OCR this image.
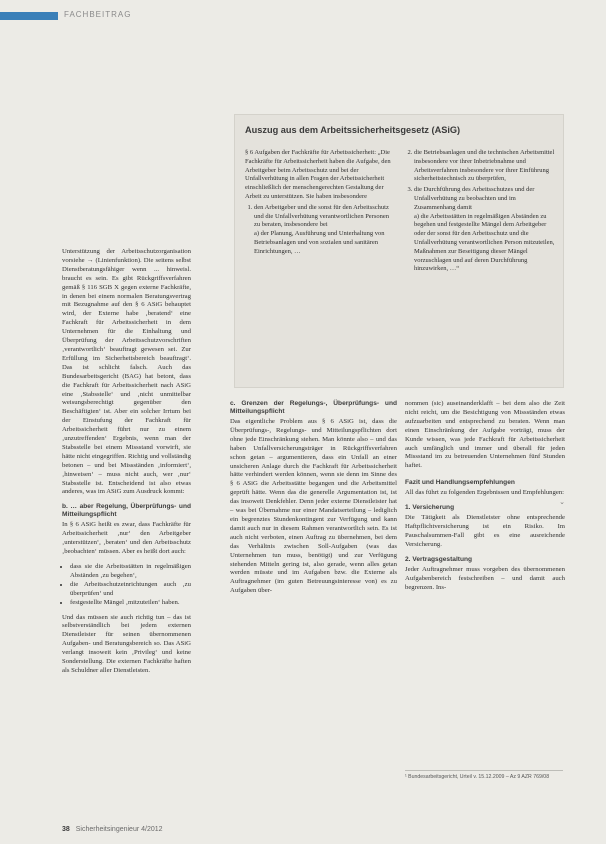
FACHBEITRAG

Unterstützung der Arbeitsschutzorganisation vorsiehe → (Linienfunktion). Die seitens selbst Dienstberatungsfähiger wenn ... hinweisl. braucht es sein. Es gibt Rückgriffsverfahren gemäß § 116 SGB X gegen externe Fachkräfte, in denen bei einem normalen Beratungsvertrag mit Bezugnahme auf den § 6 ASiG behauptet wird, der Externe habe ‚beratend‘ eine Fachkraft für Arbeitssicherheit in dem Unternehmen für die Einhaltung und Überprüfung der Arbeitsschutzvorschriften ‚verantwortlich‘ beauftragt gewesen sei. Zur Erfüllung im Sicherheitsbereich beauftragt‘. Das ist schlicht falsch. Auch das Bundesarbeitsgericht (BAG) hat betont, dass die Fachkraft für Arbeitssicherheit nach ASiG eine ‚Stabsstelle‘ und ‚nicht unmittelbar weisungsberechtigt gegenüber den Beschäftigten‘ ist. Aber ein solcher Irrtum bei der Einstufung der Fachkraft für Arbeitssicherheit führt nur zu einem ‚unzutreffenden‘ Ergebnis, wenn man der Stabsstelle bei einem Missstand vorwirft, sie hätte nicht eingegriffen. Richtig und vollständig betonen – und bei Missständen ‚informiert‘, ‚hinweisen‘ – muss nicht auch, wer ‚nur‘ Stabsstelle ist. Entscheidend ist also etwas anderes, was im ASiG zum Ausdruck kommt:

b. … aber Regelung, Überprüfungs- und Mitteilungspflicht

In § 6 ASiG heißt es zwar, dass Fachkräfte für Arbeitssicherheit ‚nur‘ den Arbeitgeber ‚unterstützen‘, ‚beraten‘ und den Arbeitsschutz ‚beobachten‘ müssen. Aber es heißt dort auch:

• dass sie die Arbeitsstätten in regelmäßigen Abständen ‚zu begehen‘,
• die Arbeitsschutzeinrichtungen auch ‚zu überprüfen‘ und
• festgestellte Mängel ‚mitzuteilen‘ haben.

Und das müssen sie auch richtig tun – das ist selbstverständlich bei jedem externen Dienstleister für seinen übernommenen Aufgaben- und Beratungsbereich so. Das ASiG verlangt insoweit kein ‚Privileg‘ und keine Sonderstellung. Die externen Fachkräfte haften als Schuldner aller Dienstleisten.

Auszug aus dem Arbeitssicherheitsgesetz (ASiG)

§ 6 Aufgaben der Fachkräfte für Arbeitssicherheit: „Die Fachkräfte für Arbeitssicherheit haben die Aufgabe, den Arbeitgeber beim Arbeitsschutz und bei der Unfallverhütung in allen Fragen der Arbeitssicherheit einschließlich der menschengerechten Gestaltung der Arbeit zu unterstützen. Sie haben insbesondere

1. den Arbeitgeber und die sonst für den Arbeitsschutz und die Unfallverhütung verantwortlichen Personen zu beraten, insbesondere bei
a) der Planung, Ausführung und Unterhaltung von Betriebsanlagen und von sozialen und sanitären Einrichtungen, …
2. die Betriebsanlagen und die technischen Arbeitsmittel insbesondere vor ihrer Inbetriebnahme und Arbeitsverfahren insbesondere vor ihrer Einführung sicherheitstechnisch zu überprüfen,
3. die Durchführung des Arbeitsschutzes und der Unfallverhütung zu beobachten und im Zusammenhang damit
a) die Arbeitsstätten in regelmäßigen Abständen zu begehen und festgestellte Mängel dem Arbeitgeber oder der sonst für den Arbeitsschutz und die Unfallverhütung verantwortlichen Person mitzuteilen, Maßnahmen zur Beseitigung dieser Mängel vorzuschlagen und auf deren Durchführung hinzuwirken, …“
c. Grenzen der Regelungs-, Überprüfungs- und Mitteilungspflicht

Das eigentliche Problem aus § 6 ASiG ist, dass die Überprüfungs-, Regelungs- und Mitteilungspflichten dort ohne jede Einschränkung stehen. Man könnte also – und das haben Unfallversicherungsträger in Rückgriffsverfahren schon getan – argumentieren, dass ein Unfall an einer unsicheren Anlage durch die Fachkraft für Arbeitssicherheit hätte verhindert werden können, wenn sie denn im Sinne des § 6 ASiG die Arbeitsstätte begangen und die Arbeitsmittel geprüft hätte. Wenn das die generelle Argumentation ist, ist das insoweit Denkfehler. Denn jeder externe Dienstleister hat – was bei Übernahme nur einer Mandatserteilung – lediglich ein begrenztes Stundenkontingent zur Verfügung und kann damit auch nur in diesem Rahmen verantwortlich sein. Es ist auch nicht verboten, einen Auftrag zu übernehmen, bei dem das Verhältnis zwischen Soll-Aufgaben (was das Unternehmen tun muss, benötigt) und zur Verfügung stehenden Mitteln gering ist, also gerade, wenn alles getan werden müsste und im Aufgaben bzw. die Externe als Auftragnehmer (im guten Betreuungsinteresse von) es zu Aufgaben über-

nommen (sic) auseinanderklafft – bei dem also die Zeit nicht reicht, um die Besichtigung von Missständen etwas aufzuarbeiten und entsprechend zu beraten. Wenn man einen Einschränkung der Aufgabe vorträgt, muss der Kunde wissen, was jede Fachkraft für Arbeitssicherheit auch umfänglich und immer und überall für jeden Missstand im zu betreuenden Unternehmen fünf Stunden haftet.

Fazit und Handlungsempfehlungen

All das führt zu folgenden Ergebnissen und Empfehlungen:
⌄

1. Versicherung

Die Tätigkeit als Dienstleister ohne entsprechende Haftpflichtversicherung ist ein Risiko. Im Pauschalsummen-Fall gibt es eine ausreichende Versicherung.

2. Vertragsgestaltung

Jeder Auftragnehmer muss vorgeben des übernommenen Aufgabenbereich festschreiben – und damit auch begrenzen. Ins-

¹ Bundesarbeitsgericht, Urteil v. 15.12.2009 – Az 9 AZR 769/08
38 Sicherheitsingenieur 4/2012
